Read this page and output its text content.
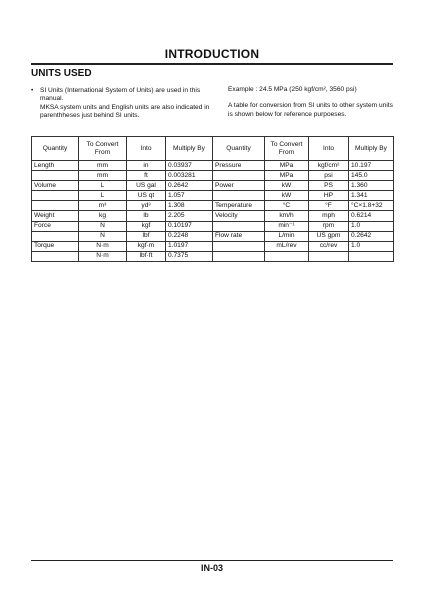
INTRODUCTION
UNITS USED
• SI Units (International System of Units) are used in this manual.
MKSA system units and English units are also indicated in parenthheses just behind SI units.
Example : 24.5 MPa (250 kgf/cm², 3560 psi)
A table for conversion from SI units to other system units is shown below for reference purpoeses.
Quantity	To Convert From	Into	Multiply By	Quantity	To Convert From	Into	Multiply By
Length	mm	in	0.03937	Pressure	MPa	kgf/cm²	10.197
	mm	ft	0.003281		MPa	psi	145.0
Volume	L	US gal	0.2642	Power	kW	PS	1.360
	L	US qt	1.057		kW	HP	1.341
	m³	yd³	1.308	Temperature	°C	°F	°C×1.8+32
Weight	kg	lb	2.205	Velocity	km/h	mph	0.6214
Force	N	kgf	0.10197		min⁻¹	rpm	1.0
	N	lbf	0.2248	Flow rate	L/min	US gpm	0.2642
Torque	N·m	kgf·m	1.0197		mL/rev	cc/rev	1.0
	N·m	lbf·ft	0.7375				
IN-03
